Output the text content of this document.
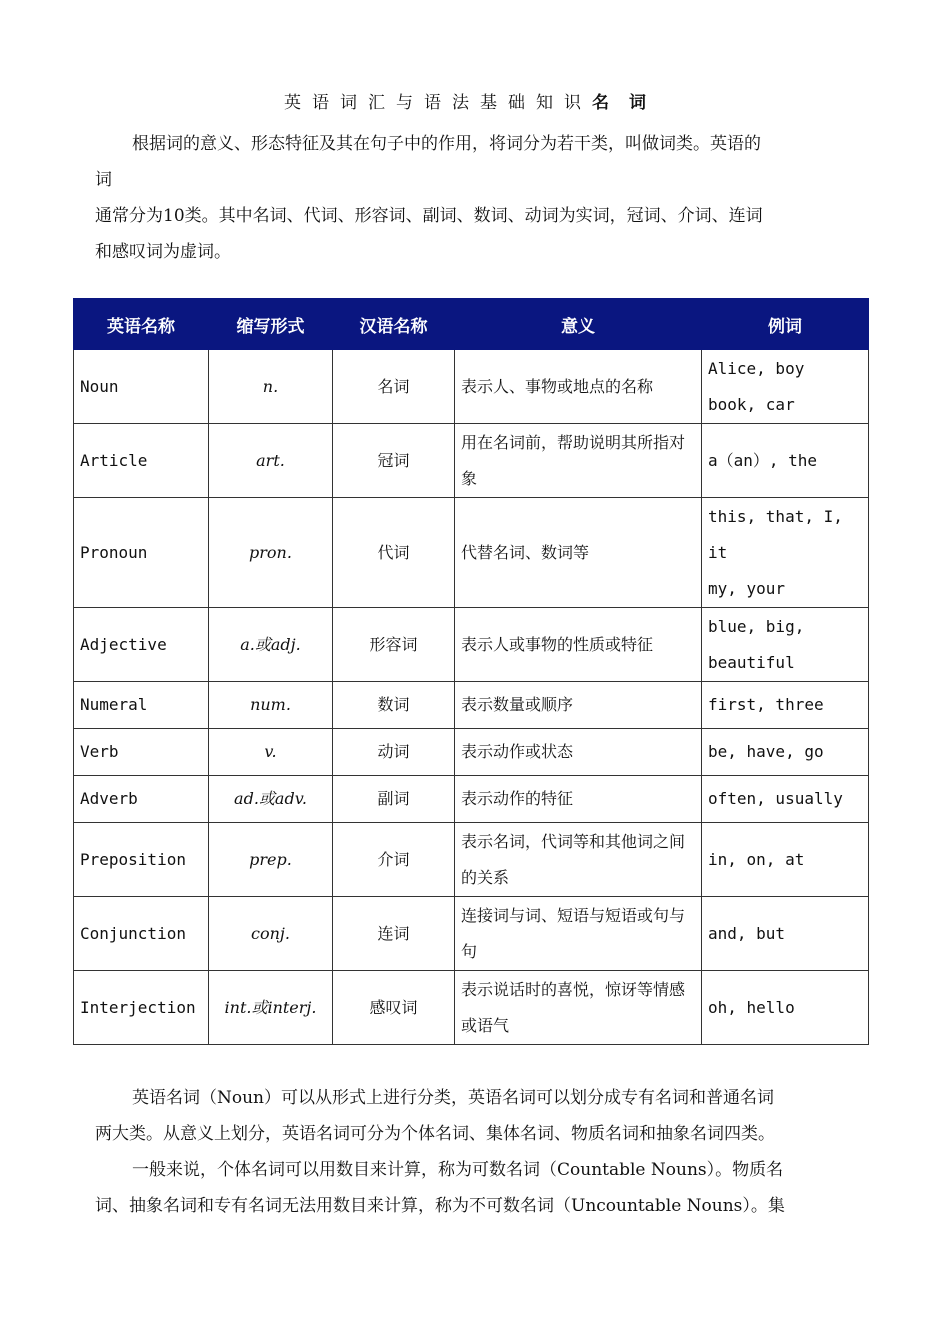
英语词汇与语法基础知识名词
根据词的意义、形态特征及其在句子中的作用，将词分为若干类，叫做词类。英语的
词
通常分为10类。其中名词、代词、形容词、副词、数词、动词为实词，冠词、介词、连词
和感叹词为虚词。
英语名称	缩写形式	汉语名称	意义	例词
Noun	n.	名词	表示人、事物或地点的名称	Alice, boy
book, car
Article	art.	冠词	用在名词前，帮助说明其所指对象	a（an）, the
Pronoun	pron.	代词	代替名词、数词等	this, that, I,
it
my, your
Adjective	a.或adj.	形容词	表示人或事物的性质或特征	blue, big,
beautiful
Numeral	num.	数词	表示数量或顺序	first, three
Verb	v.	动词	表示动作或状态	be, have, go
Adverb	ad.或adv.	副词	表示动作的特征	often, usually
Preposition	prep.	介词	表示名词，代词等和其他词之间的关系	in, on, at
Conjunction	conj.	连词	连接词与词、短语与短语或句与句	and, but
Interjection	int.或interj.	感叹词	表示说话时的喜悦，惊讶等情感或语气	oh, hello
英语名词（Noun）可以从形式上进行分类，英语名词可以划分成专有名词和普通名词
两大类。从意义上划分，英语名词可分为个体名词、集体名词、物质名词和抽象名词四类。
一般来说，个体名词可以用数目来计算，称为可数名词（Countable Nouns）。物质名
词、抽象名词和专有名词无法用数目来计算，称为不可数名词（Uncountable Nouns）。集
